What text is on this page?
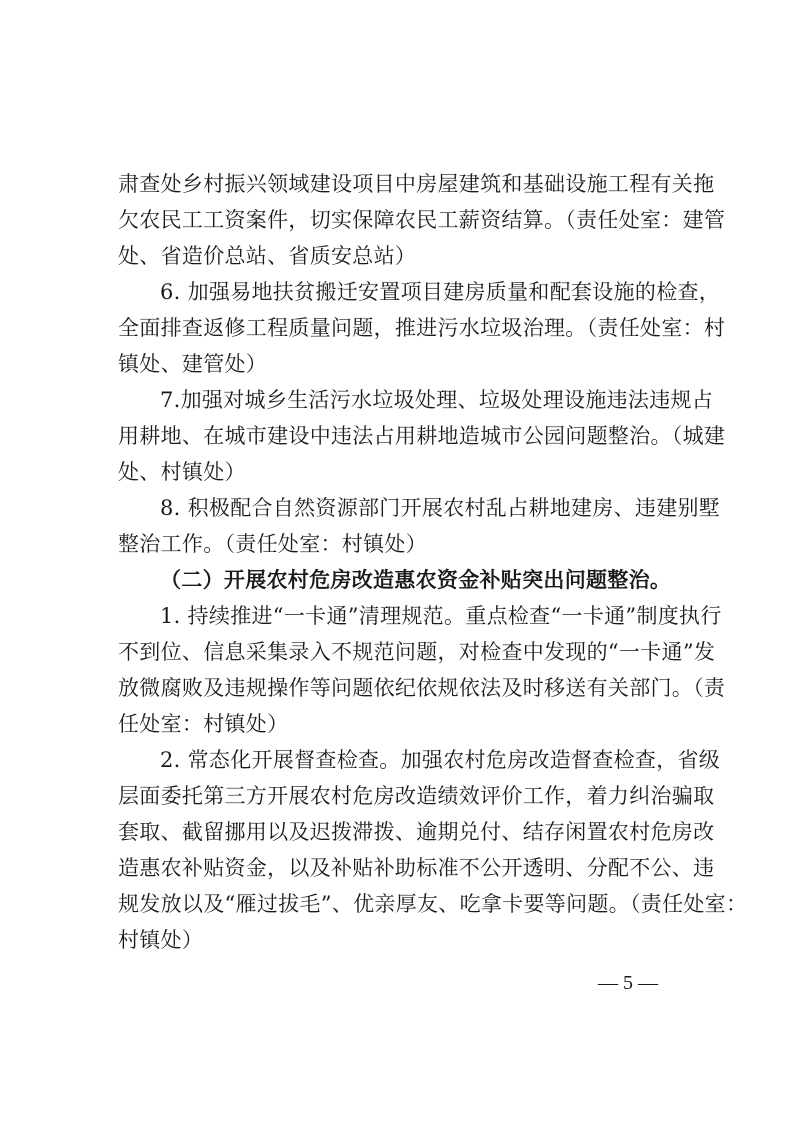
肃查处乡村振兴领域建设项目中房屋建筑和基础设施工程有关拖
欠农民工工资案件，切实保障农民工薪资结算。（责任处室：建管
处、省造价总站、省质安总站）
6. 加强易地扶贫搬迁安置项目建房质量和配套设施的检查，
全面排查返修工程质量问题，推进污水垃圾治理。（责任处室：村
镇处、建管处）
7.加强对城乡生活污水垃圾处理、垃圾处理设施违法违规占
用耕地、在城市建设中违法占用耕地造城市公园问题整治。（城建
处、村镇处）
8. 积极配合自然资源部门开展农村乱占耕地建房、违建别墅
整治工作。（责任处室：村镇处）
（二）开展农村危房改造惠农资金补贴突出问题整治。
1. 持续推进“一卡通”清理规范。重点检查“一卡通”制度执行
不到位、信息采集录入不规范问题，对检查中发现的“一卡通”发
放微腐败及违规操作等问题依纪依规依法及时移送有关部门。（责
任处室：村镇处）
2. 常态化开展督查检查。加强农村危房改造督查检查，省级
层面委托第三方开展农村危房改造绩效评价工作，着力纠治骗取
套取、截留挪用以及迟拨滞拨、逾期兑付、结存闲置农村危房改
造惠农补贴资金，以及补贴补助标准不公开透明、分配不公、违
规发放以及“雁过拔毛”、优亲厚友、吃拿卡要等问题。（责任处室：
村镇处）
— 5 —
